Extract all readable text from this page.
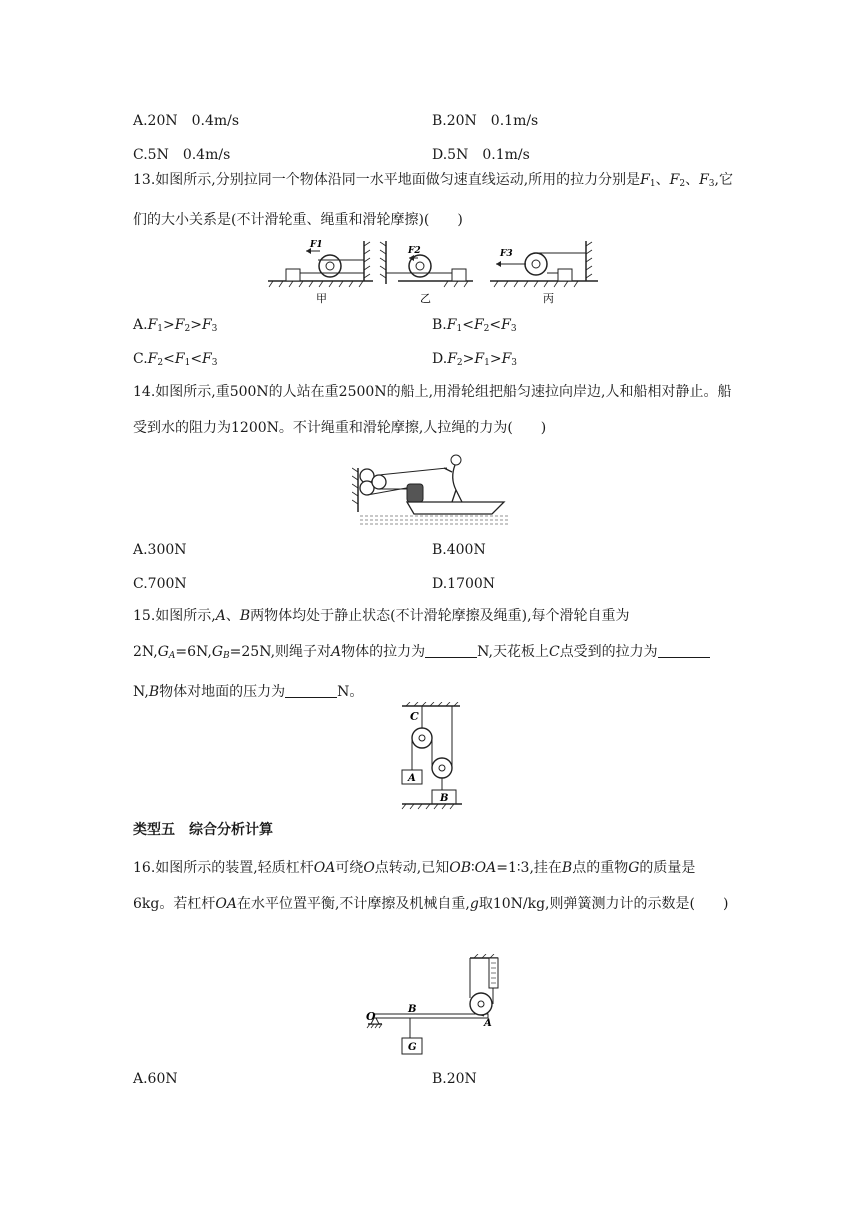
A.20N　0.4m/s	B.20N　0.1m/s
C.5N　0.4m/s	D.5N　0.1m/s
13.如图所示,分别拉同一个物体沿同一水平地面做匀速直线运动,所用的拉力分别是$F_1$、$F_2$、$F_3$,它们的大小关系是(不计滑轮重、绳重和滑轮摩擦)(　　)
F1
甲
F2
乙
F3
丙
$A.F_1>F_2>F_3$	$B.F_1<F_2<F_3$
$C.F_2<F_1<F_3$	$D.F_2>F_1>F_3$
14.如图所示,重500N的人站在重2500N的船上,用滑轮组把船匀速拉向岸边,人和船相对静止。船受到水的阻力为1200N。不计绳重和滑轮摩擦,人拉绳的力为(　　)
A.300N	B.400N
C.700N	D.1700N
15.如图所示,A、B两物体均处于静止状态(不计滑轮摩擦及绳重),每个滑轮自重为$2N,G_A=6N,G_B=25N$,则绳子对A物体的拉力为	N,天花板上C点受到的拉力为N,B物体对地面的压力为	N。
C
A
B
类型五　综合分析计算
16.如图所示的装置,轻质杠杆OA可绕O点转动,已知OB∶OA=1∶3,挂在B点的重物G的质量是6kg。若杠杆OA在水平位置平衡,不计摩擦及机械自重,g取10N/kg,则弹簧测力计的示数是(　　)
O
B
A
G
A.60N	B.20N
